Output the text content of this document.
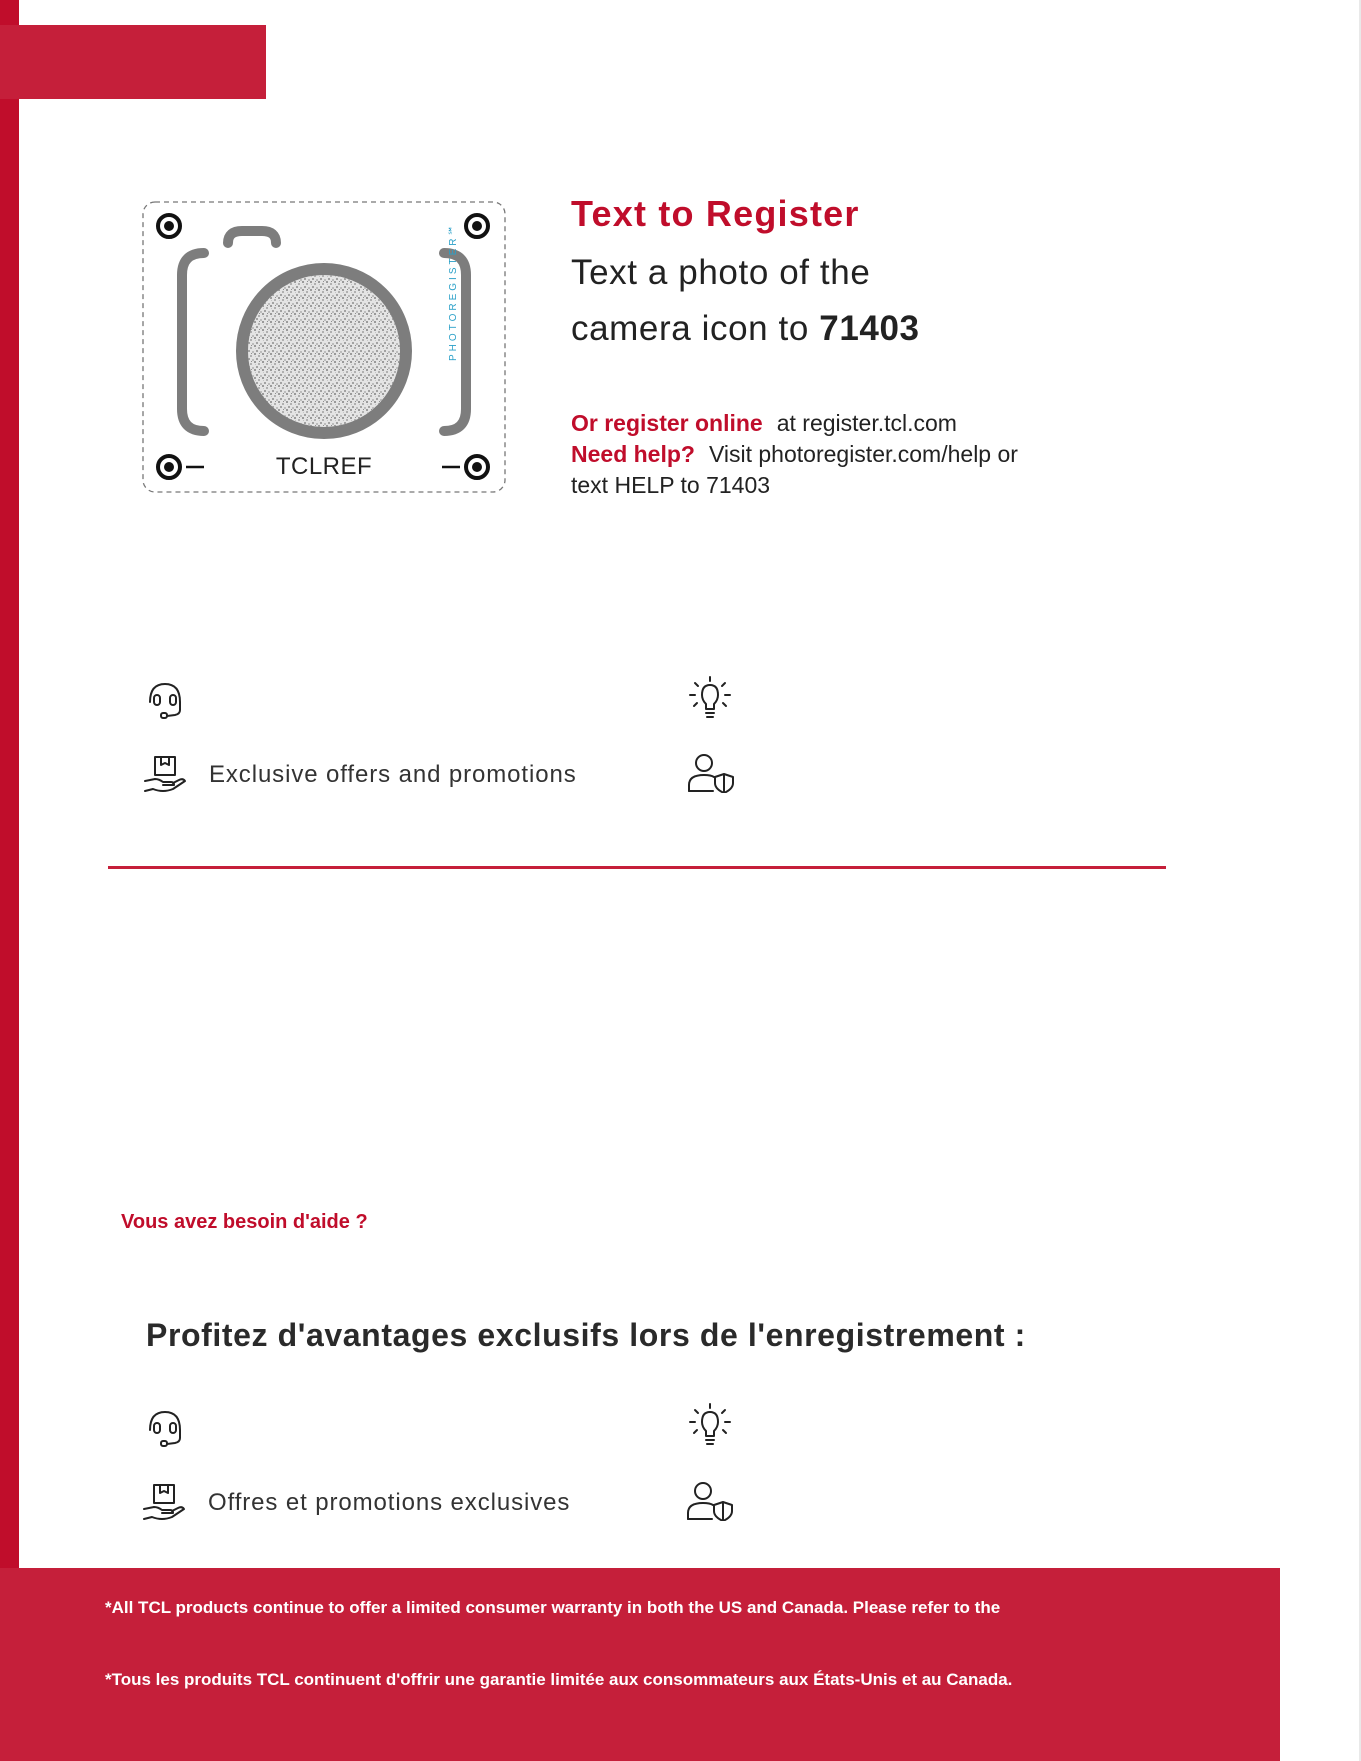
PHOTOREGISTER℠
TCLREF
Text to Register
Text a photo of the
camera icon to 71403
Or register online at register.tcl.com
Need help? Visit photoregister.com/help or
text HELP to 71403
Exclusive offers and promotions
Vous avez besoin d'aide ?
Profitez d'avantages exclusifs lors de l'enregistrement :
Offres et promotions exclusives
*All TCL products continue to offer a limited consumer warranty in both the US and Canada. Please refer to the
*Tous les produits TCL continuent d'offrir une garantie limitée aux consommateurs aux États-Unis et au Canada.
